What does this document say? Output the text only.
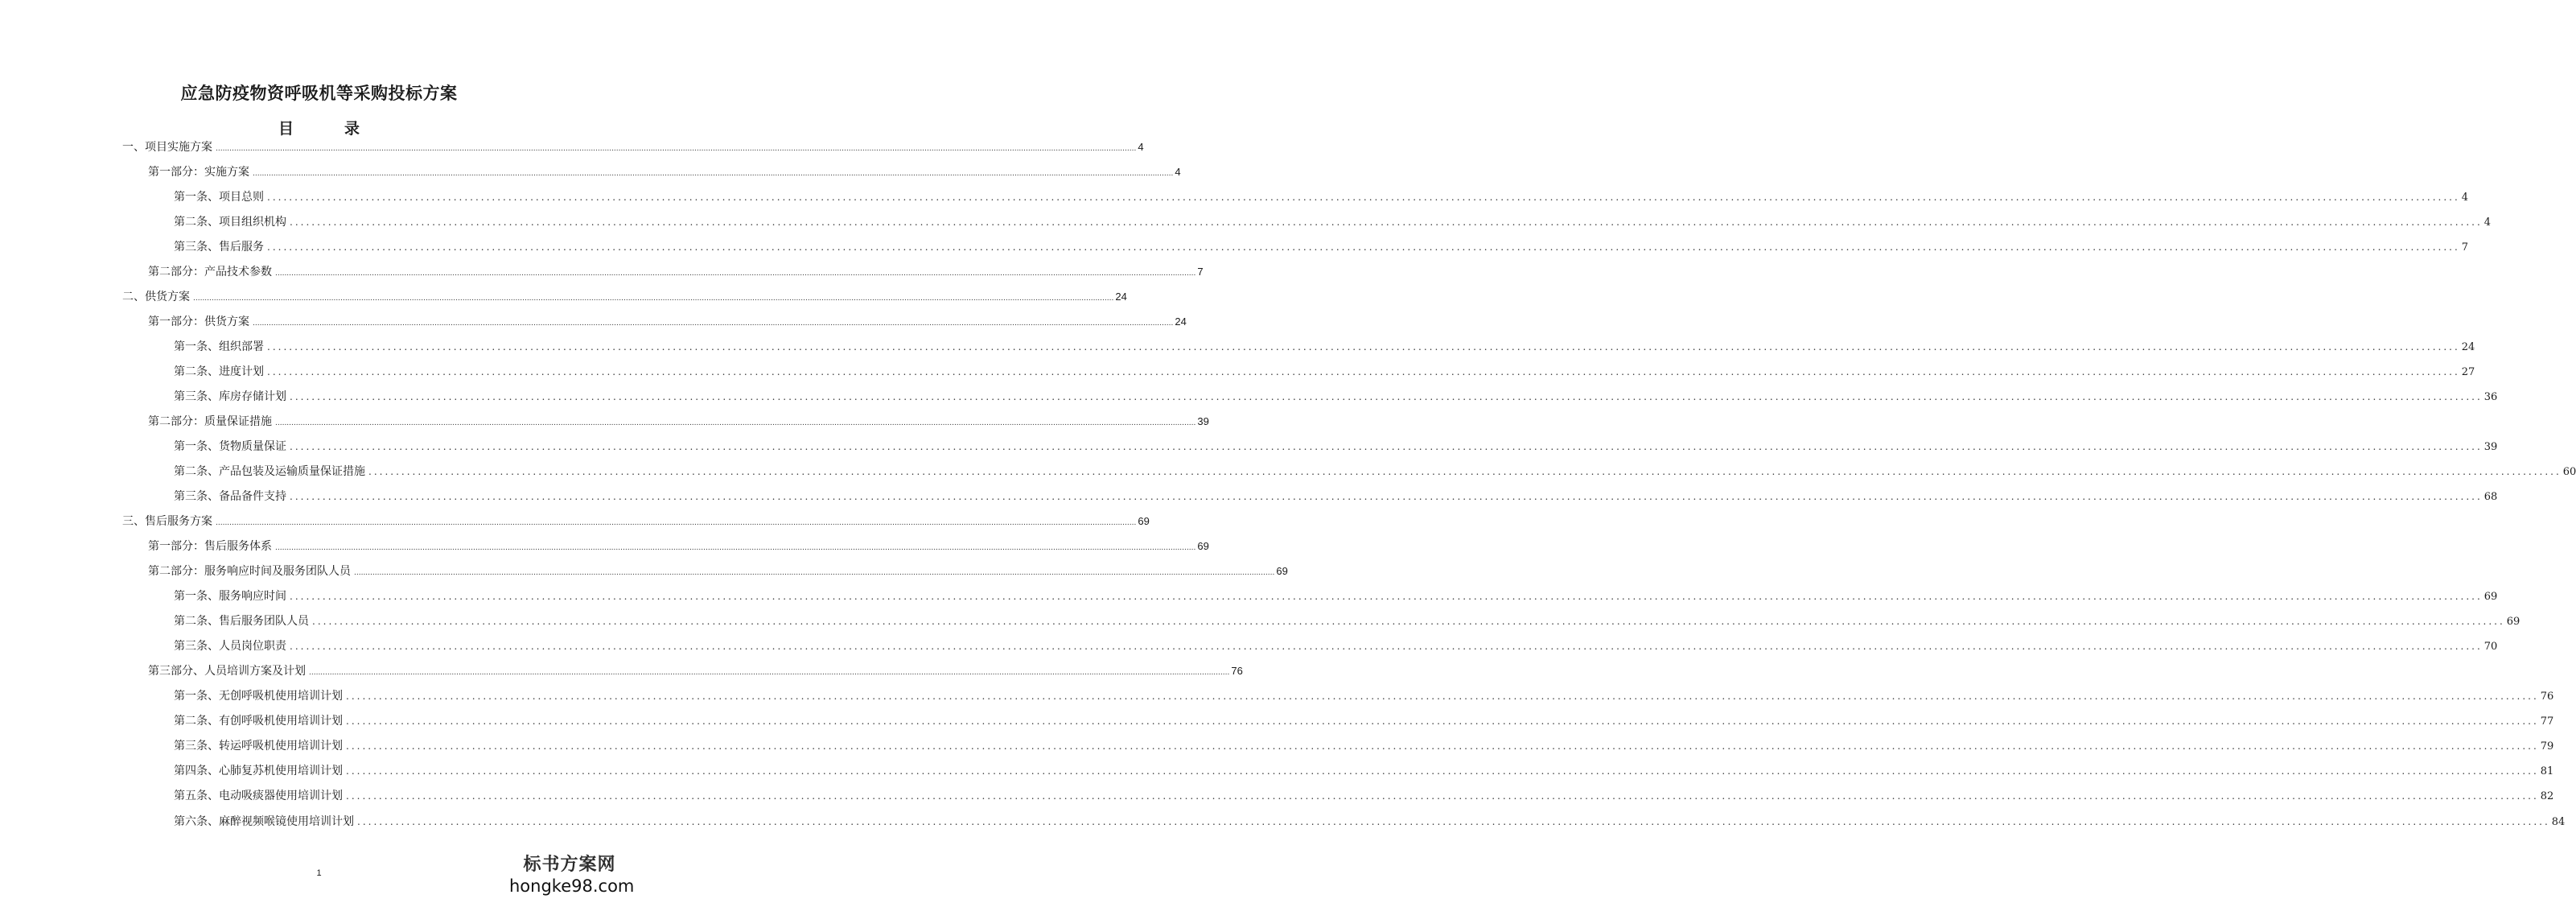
应急防疫物资呼吸机等采购投标方案
目　录
一、项目实施方案 ................................................................................................................................................................................................................................................................................................................................................................................................................ 4
第一部分：实施方案 ................................................................................................................................................................................................................................................................................................................................................................................................................ 4
第一条、项目总则 ................................................................................................................................................................................................................................................................................................................................................................................................................ 4
第二条、项目组织机构 ................................................................................................................................................................................................................................................................................................................................................................................................................ 4
第三条、售后服务 ................................................................................................................................................................................................................................................................................................................................................................................................................ 7
第二部分：产品技术参数 ................................................................................................................................................................................................................................................................................................................................................................................................................ 7
二、供货方案 ................................................................................................................................................................................................................................................................................................................................................................................................................ 24
第一部分：供货方案 ................................................................................................................................................................................................................................................................................................................................................................................................................ 24
第一条、组织部署 ................................................................................................................................................................................................................................................................................................................................................................................................................ 24
第二条、进度计划 ................................................................................................................................................................................................................................................................................................................................................................................................................ 27
第三条、库房存储计划 ................................................................................................................................................................................................................................................................................................................................................................................................................ 36
第二部分：质量保证措施 ................................................................................................................................................................................................................................................................................................................................................................................................................ 39
第一条、货物质量保证 ................................................................................................................................................................................................................................................................................................................................................................................................................ 39
第二条、产品包装及运输质量保证措施 ................................................................................................................................................................................................................................................................................................................................................................................................................ 60
第三条、备品备件支持 ................................................................................................................................................................................................................................................................................................................................................................................................................ 68
三、售后服务方案 ................................................................................................................................................................................................................................................................................................................................................................................................................ 69
第一部分：售后服务体系 ................................................................................................................................................................................................................................................................................................................................................................................................................ 69
第二部分：服务响应时间及服务团队人员 ................................................................................................................................................................................................................................................................................................................................................................................................................ 69
第一条、服务响应时间 ................................................................................................................................................................................................................................................................................................................................................................................................................ 69
第二条、售后服务团队人员 ................................................................................................................................................................................................................................................................................................................................................................................................................ 69
第三条、人员岗位职责 ................................................................................................................................................................................................................................................................................................................................................................................................................ 70
第三部分、人员培训方案及计划 ................................................................................................................................................................................................................................................................................................................................................................................................................ 76
第一条、无创呼吸机使用培训计划 ................................................................................................................................................................................................................................................................................................................................................................................................................ 76
第二条、有创呼吸机使用培训计划 ................................................................................................................................................................................................................................................................................................................................................................................................................ 77
第三条、转运呼吸机使用培训计划 ................................................................................................................................................................................................................................................................................................................................................................................................................ 79
第四条、心肺复苏机使用培训计划 ................................................................................................................................................................................................................................................................................................................................................................................................................ 81
第五条、电动吸痰器使用培训计划 ................................................................................................................................................................................................................................................................................................................................................................................................................ 82
第六条、麻醉视频喉镜使用培训计划 ................................................................................................................................................................................................................................................................................................................................................................................................................ 84
1	标书方案网
hongke98.com
